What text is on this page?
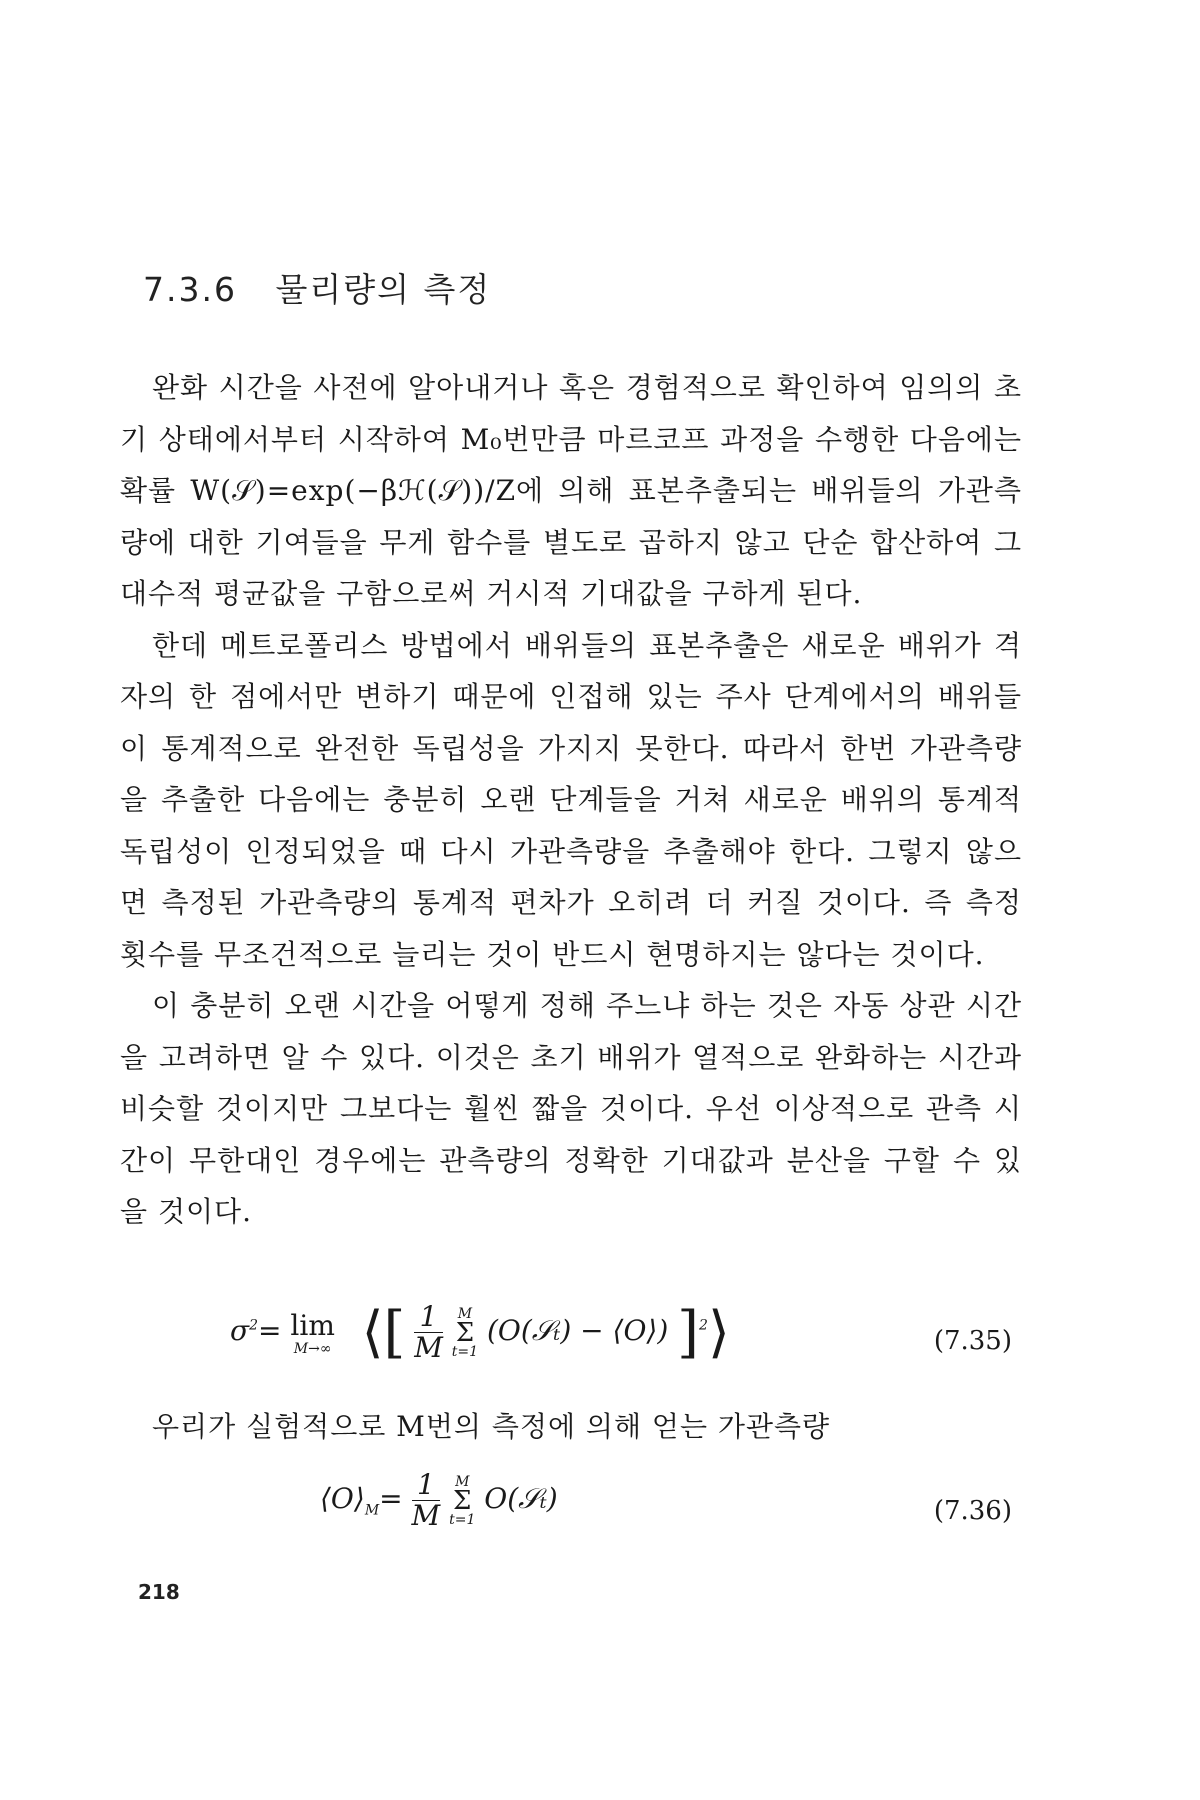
7.3.6 물리량의 측정

완화 시간을 사전에 알아내거나 혹은 경험적으로 확인하여 임의의 초기 상태에서부터 시작하여 M₀번만큼 마르코프 과정을 수행한 다음에는 확률 W(𝒮)=exp(−βℋ(𝒮))/Z에 의해 표본추출되는 배위들의 가관측량에 대한 기여들을 무게 함수를 별도로 곱하지 않고 단순 합산하여 그 대수적 평균값을 구함으로써 거시적 기대값을 구하게 된다.

한데 메트로폴리스 방법에서 배위들의 표본추출은 새로운 배위가 격자의 한 점에서만 변하기 때문에 인접해 있는 주사 단계에서의 배위들이 통계적으로 완전한 독립성을 가지지 못한다. 따라서 한번 가관측량을 추출한 다음에는 충분히 오랜 단계들을 거쳐 새로운 배위의 통계적 독립성이 인정되었을 때 다시 가관측량을 추출해야 한다. 그렇지 않으면 측정된 가관측량의 통계적 편차가 오히려 더 커질 것이다. 즉 측정 횟수를 무조건적으로 늘리는 것이 반드시 현명하지는 않다는 것이다.

이 충분히 오랜 시간을 어떻게 정해 주느냐 하는 것은 자동 상관 시간을 고려하면 알 수 있다. 이것은 초기 배위가 열적으로 완화하는 시간과 비슷할 것이지만 그보다는 훨씬 짧을 것이다. 우선 이상적으로 관측 시간이 무한대인 경우에는 관측량의 정확한 기대값과 분산을 구할 수 있을 것이다.

$\sigma^2= \lim$
M→∞ ⟨[ $\frac{1}{M}$ M
Σ
t=1 (O(𝒮ₜ) − ⟨O⟩) ]$^2$⟩	(7.35)
우리가 실험적으로 M번의 측정에 의해 얻는 가관측량
$⟨O⟩_M= \frac{1}{M}$ M
Σ
t=1 O(𝒮ₜ)	(7.36)
218
